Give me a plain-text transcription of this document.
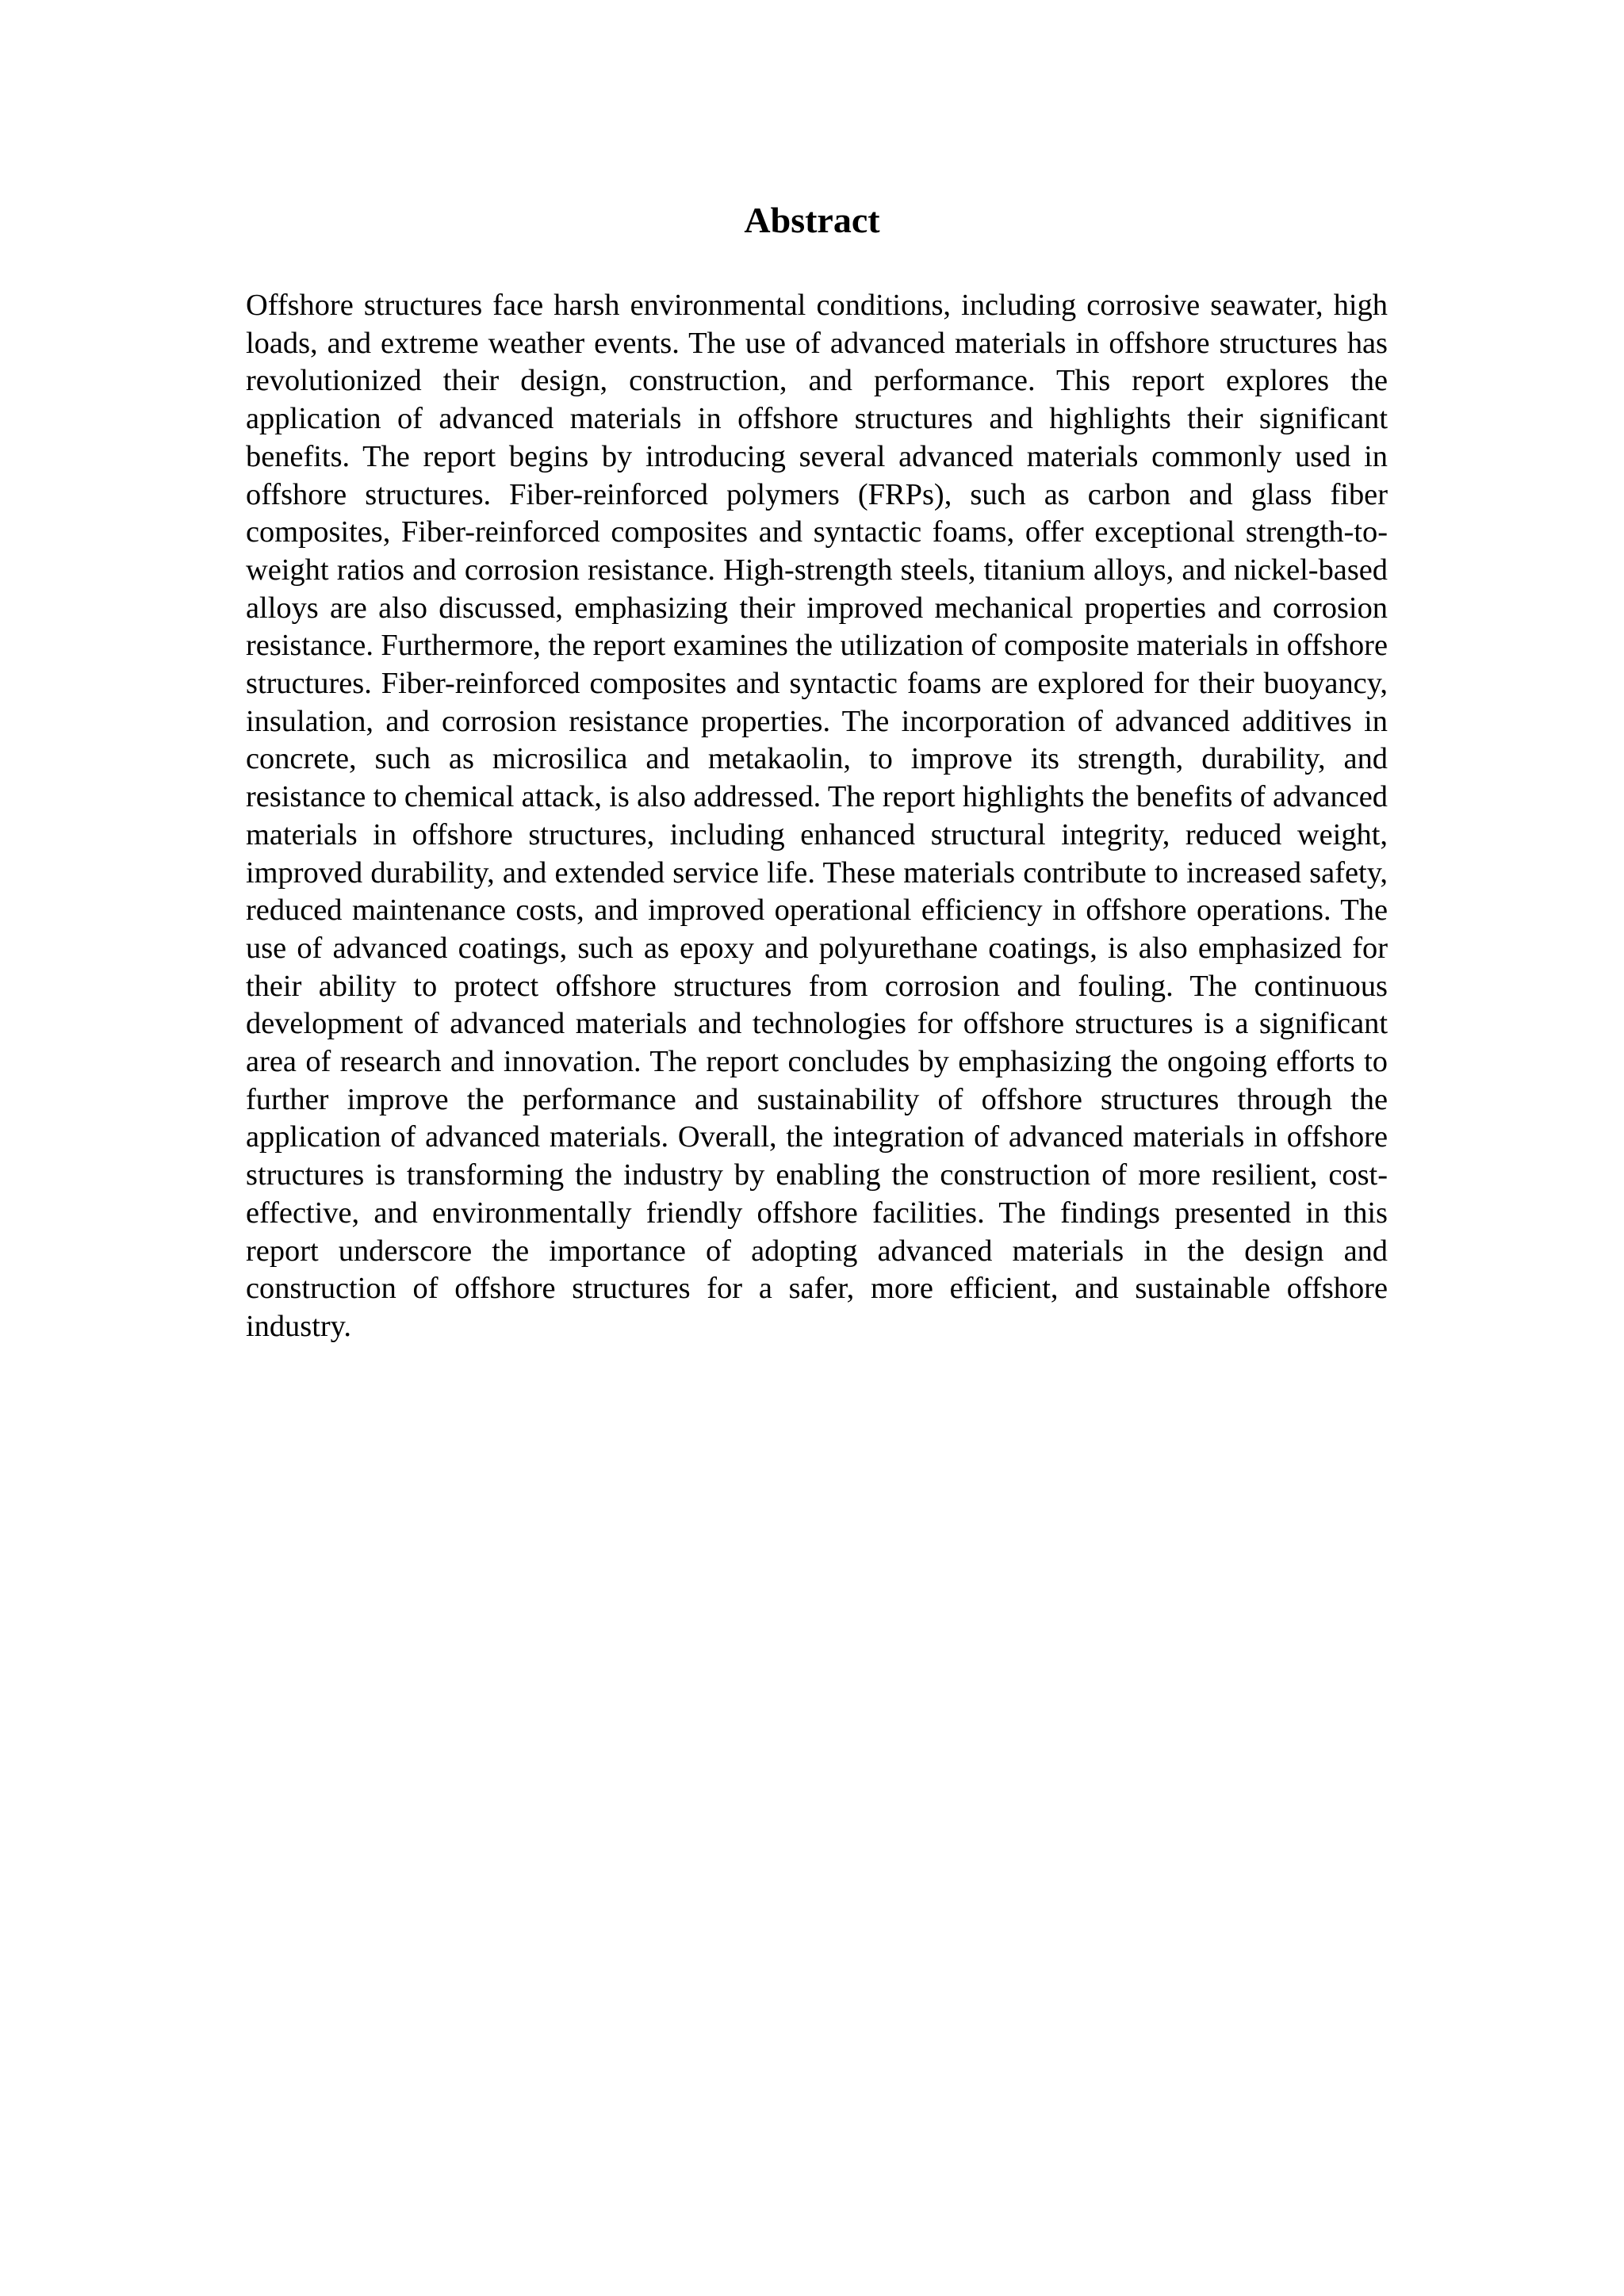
Abstract

Offshore structures face harsh environmental conditions, including corrosive seawater, high loads, and extreme weather events. The use of advanced materials in offshore structures has revolutionized their design, construction, and performance. This report explores the application of advanced materials in offshore structures and highlights their significant benefits. The report begins by introducing several advanced materials commonly used in offshore structures. Fiber-reinforced polymers (FRPs), such as carbon and glass fiber composites, Fiber-reinforced composites and syntactic foams, offer exceptional strength-to-weight ratios and corrosion resistance. High-strength steels, titanium alloys, and nickel-based alloys are also discussed, emphasizing their improved mechanical properties and corrosion resistance. Furthermore, the report examines the utilization of composite materials in offshore structures. Fiber-reinforced composites and syntactic foams are explored for their buoyancy, insulation, and corrosion resistance properties. The incorporation of advanced additives in concrete, such as microsilica and metakaolin, to improve its strength, durability, and resistance to chemical attack, is also addressed. The report highlights the benefits of advanced materials in offshore structures, including enhanced structural integrity, reduced weight, improved durability, and extended service life. These materials contribute to increased safety, reduced maintenance costs, and improved operational efficiency in offshore operations. The use of advanced coatings, such as epoxy and polyurethane coatings, is also emphasized for their ability to protect offshore structures from corrosion and fouling. The continuous development of advanced materials and technologies for offshore structures is a significant area of research and innovation. The report concludes by emphasizing the ongoing efforts to further improve the performance and sustainability of offshore structures through the application of advanced materials. Overall, the integration of advanced materials in offshore structures is transforming the industry by enabling the construction of more resilient, cost-effective, and environmentally friendly offshore facilities. The findings presented in this report underscore the importance of adopting advanced materials in the design and construction of offshore structures for a safer, more efficient, and sustainable offshore industry.
